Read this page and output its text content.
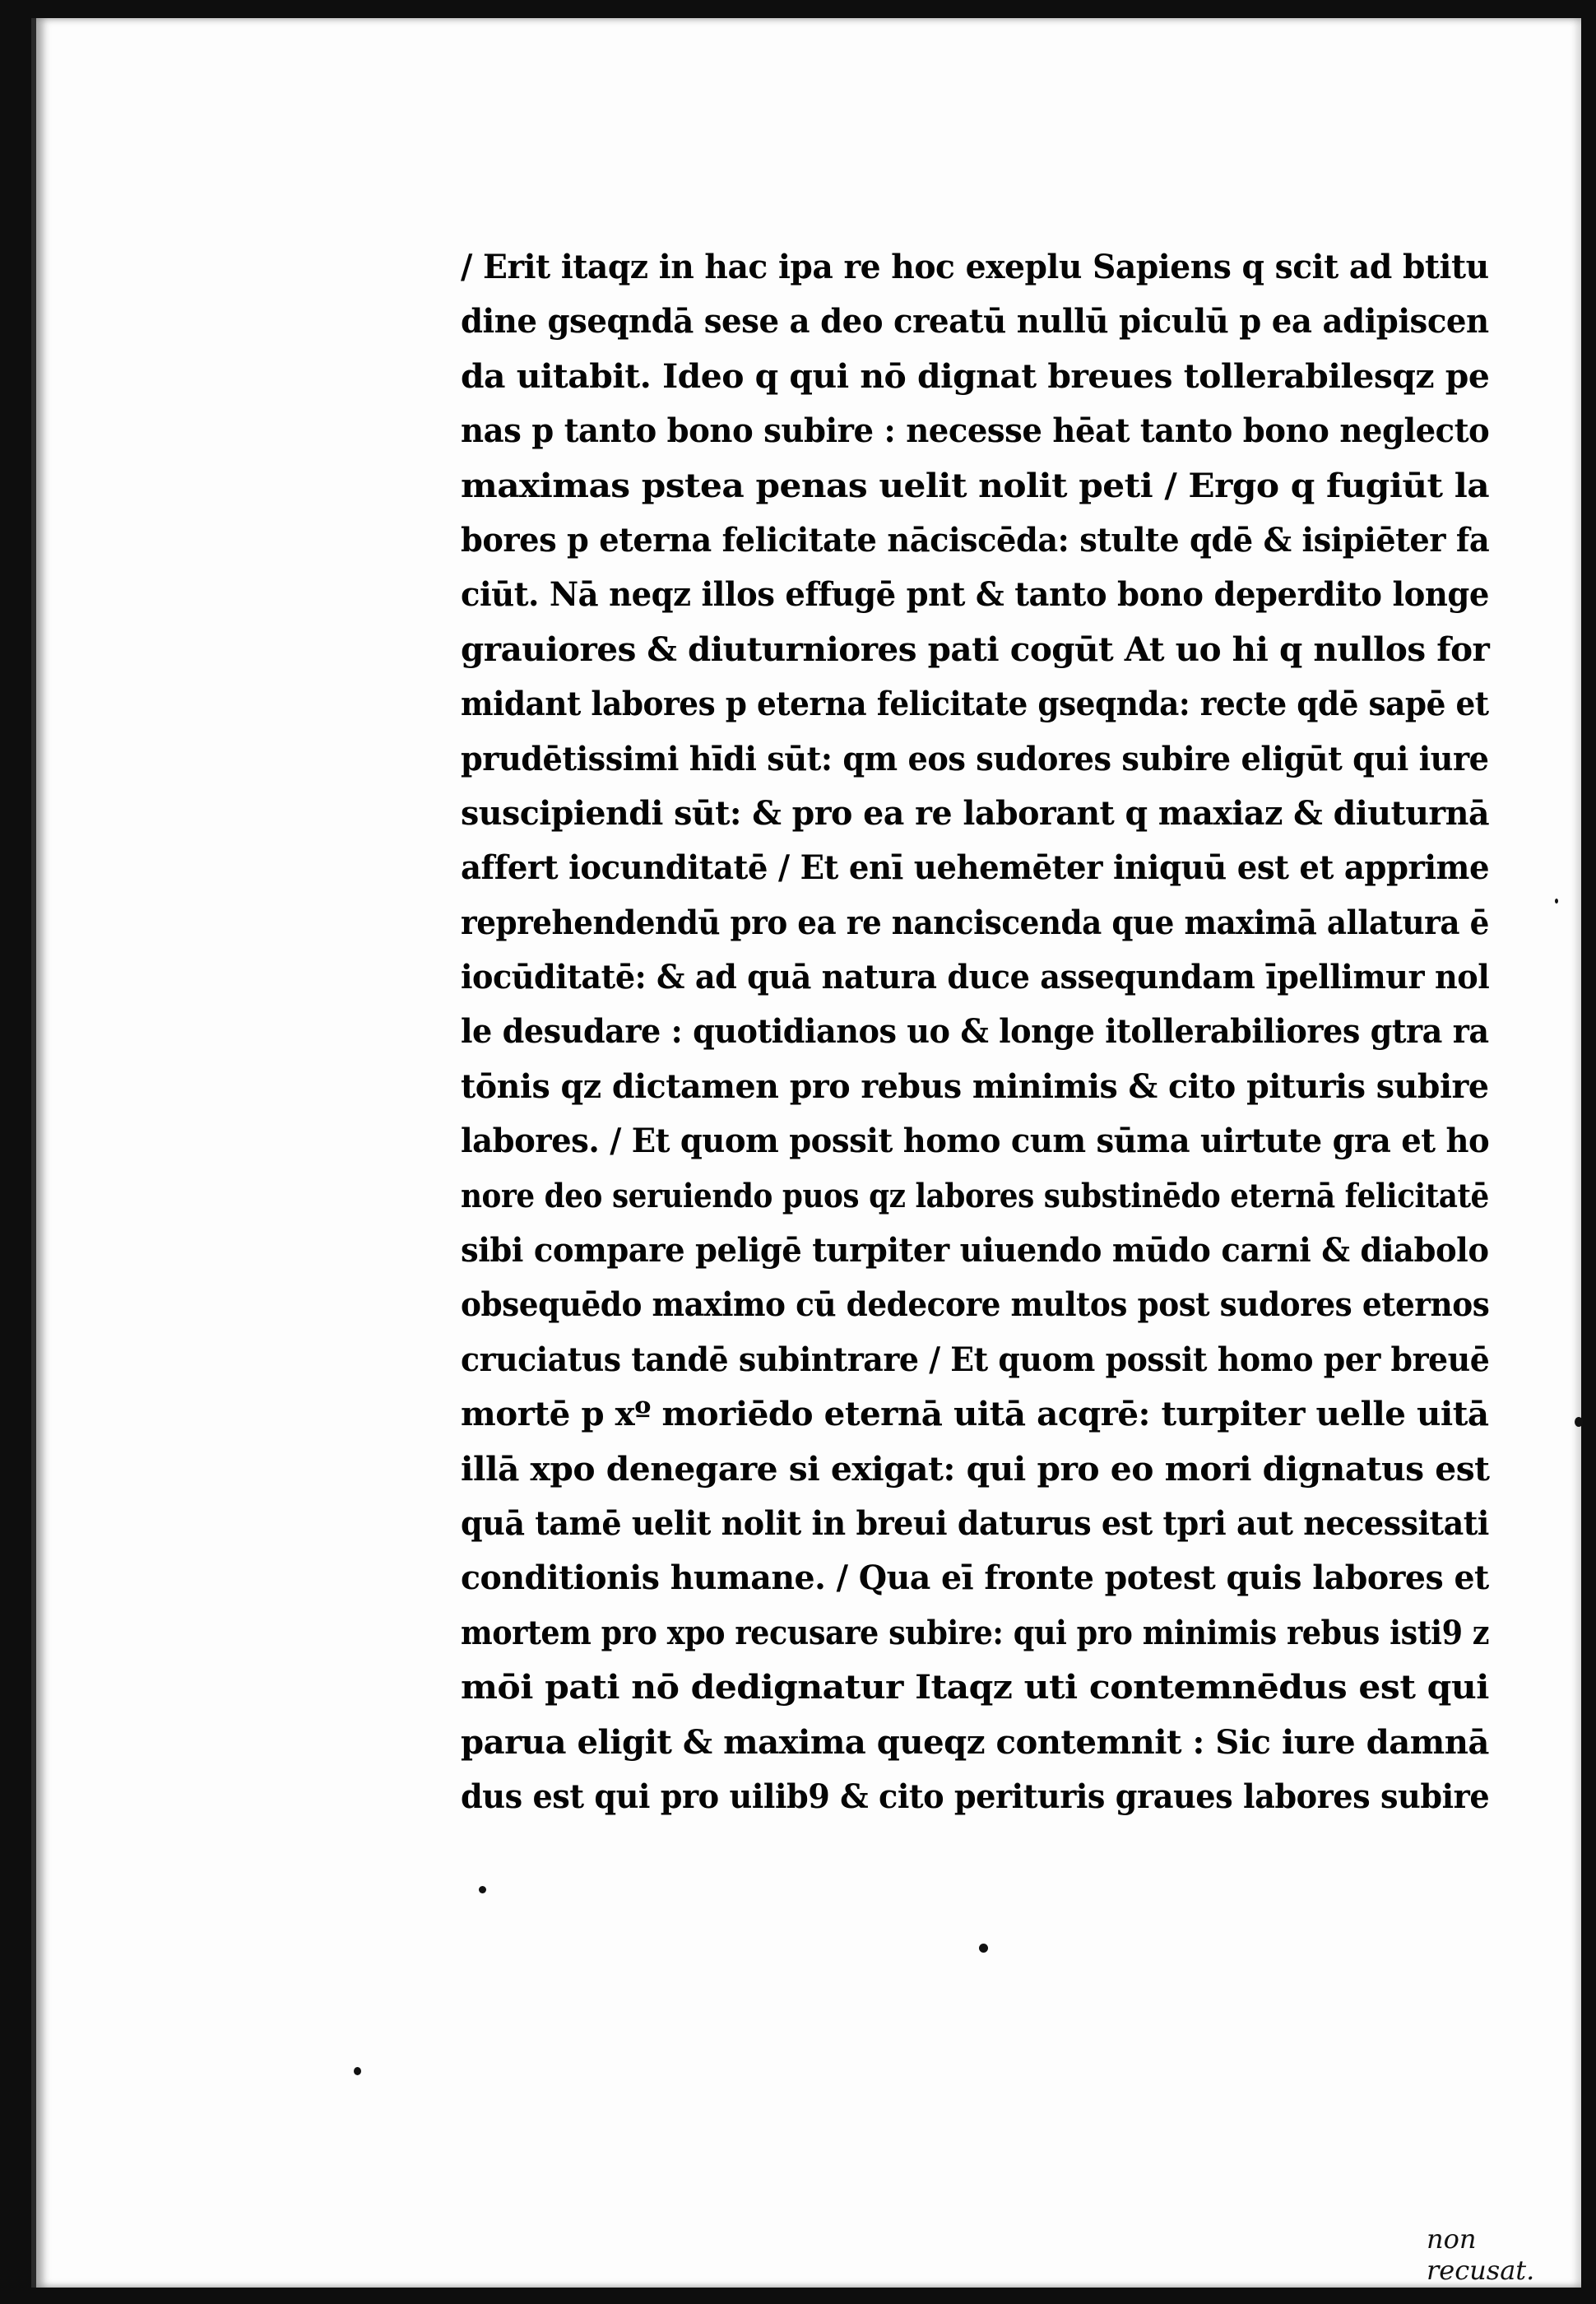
/ Erit itaqz in hac ipa re hoc exeplu Sapiens q scit ad btitu
dine gseqndā sese a deo creatū nullū piculū p ea adipiscen
da uitabit. Ideo q qui nō dignat breues tollerabilesqz pe
nas p tanto bono subire : necesse hēat tanto bono neglecto
maximas pstea penas uelit nolit peti / Ergo q fugiūt la
bores p eterna felicitate nāciscēda: stulte qdē & isipiēter fa
ciūt. Nā neqz illos effugē pnt & tanto bono deperdito longe
grauiores & diuturniores pati cogūt At uo hi q nullos for
midant labores p eterna felicitate gseqnda: recte qdē sapē et
prudētissimi hīdi sūt: qm eos sudores subire eligūt qui iure
suscipiendi sūt: & pro ea re laborant q maxiaz & diuturnā
affert iocunditatē / Et enī uehemēter iniquū est et apprime
reprehendendū pro ea re nanciscenda que maximā allatura ē
iocūditatē: & ad quā natura duce assequndam īpellimur nol
le desudare : quotidianos uo & longe itollerabiliores gtra ra
tōnis qz dictamen pro rebus minimis & cito pituris subire
labores. / Et quom possit homo cum sūma uirtute gra et ho
nore deo seruiendo puos qz labores substinēdo eternā felicitatē
sibi compare peligē turpiter uiuendo mūdo carni & diabolo
obsequēdo maximo cū dedecore multos post sudores eternos
cruciatus tandē subintrare / Et quom possit homo per breuē
mortē p xº moriēdo eternā uitā acqrē: turpiter uelle uitā
illā xpo denegare si exigat: qui pro eo mori dignatus est
quā tamē uelit nolit in breui daturus est tpri aut necessitati
conditionis humane. / Qua eī fronte potest quis labores et
mortem pro xpo recusare subire: qui pro minimis rebus isti9 z
mōi pati nō dedignatur Itaqz uti contemnēdus est qui
parua eligit & maxima queqz contemnit : Sic iure damnā
dus est qui pro uilib9 & cito perituris graues labores subire
non recusat.
